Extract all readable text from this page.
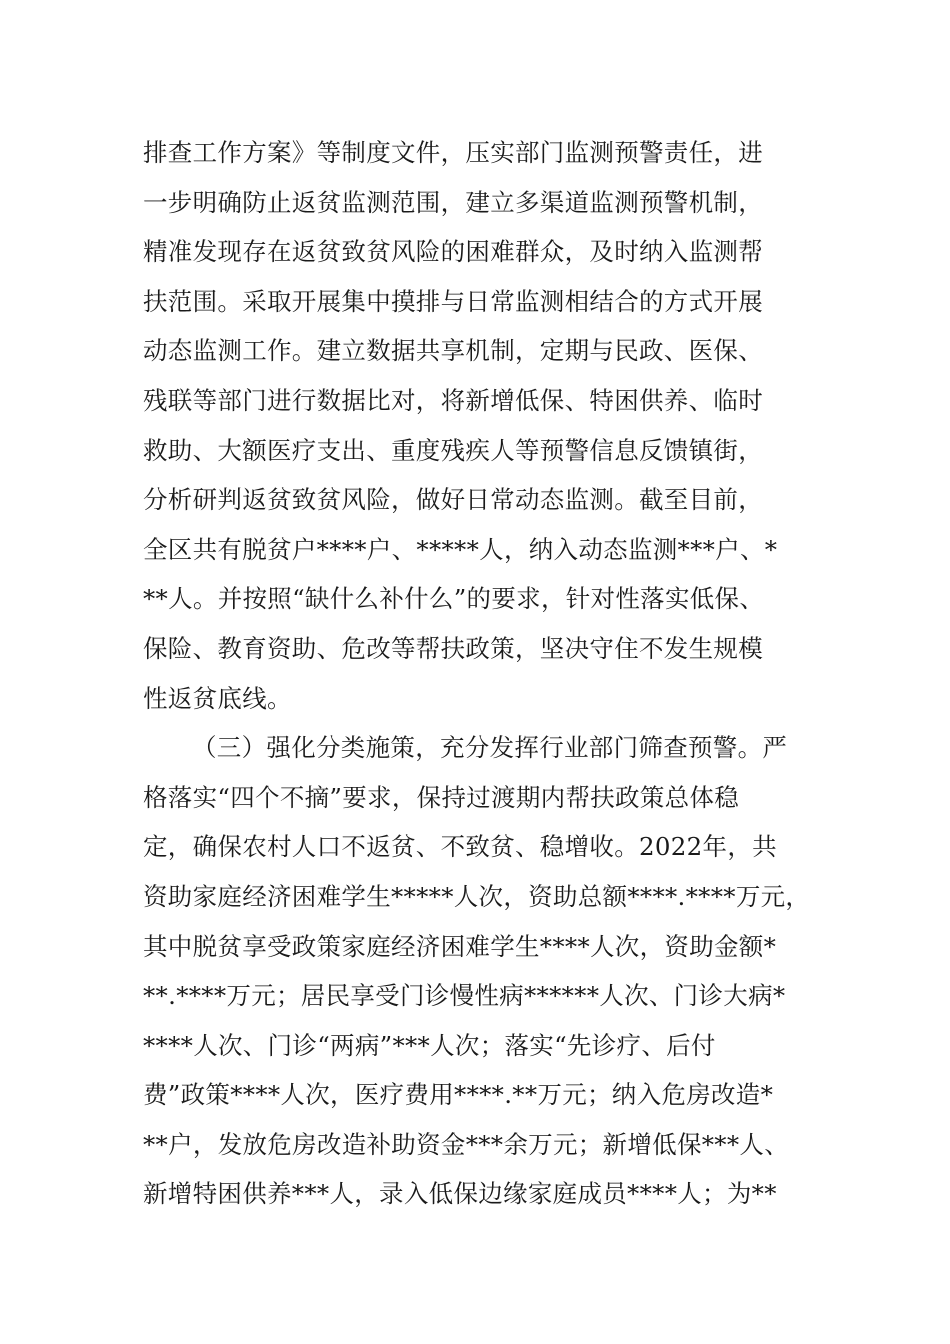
排查工作方案》等制度文件，压实部门监测预警责任，进
一步明确防止返贫监测范围，建立多渠道监测预警机制，
精准发现存在返贫致贫风险的困难群众，及时纳入监测帮
扶范围。采取开展集中摸排与日常监测相结合的方式开展
动态监测工作。建立数据共享机制，定期与民政、医保、
残联等部门进行数据比对，将新增低保、特困供养、临时
救助、大额医疗支出、重度残疾人等预警信息反馈镇街，
分析研判返贫致贫风险，做好日常动态监测。截至目前，
全区共有脱贫户****户、*****人，纳入动态监测***户、*
**人。并按照“缺什么补什么”的要求，针对性落实低保、
保险、教育资助、危改等帮扶政策，坚决守住不发生规模
性返贫底线。
（三）强化分类施策，充分发挥行业部门筛查预警。严
格落实“四个不摘”要求，保持过渡期内帮扶政策总体稳
定，确保农村人口不返贫、不致贫、稳增收。2022年，共
资助家庭经济困难学生*****人次，资助总额****.****万元，
其中脱贫享受政策家庭经济困难学生****人次，资助金额*
**.****万元；居民享受门诊慢性病******人次、门诊大病*
****人次、门诊“两病”***人次；落实“先诊疗、后付
费”政策****人次，医疗费用****.**万元；纳入危房改造*
**户，发放危房改造补助资金***余万元；新增低保***人、
新增特困供养***人，录入低保边缘家庭成员****人；为**
